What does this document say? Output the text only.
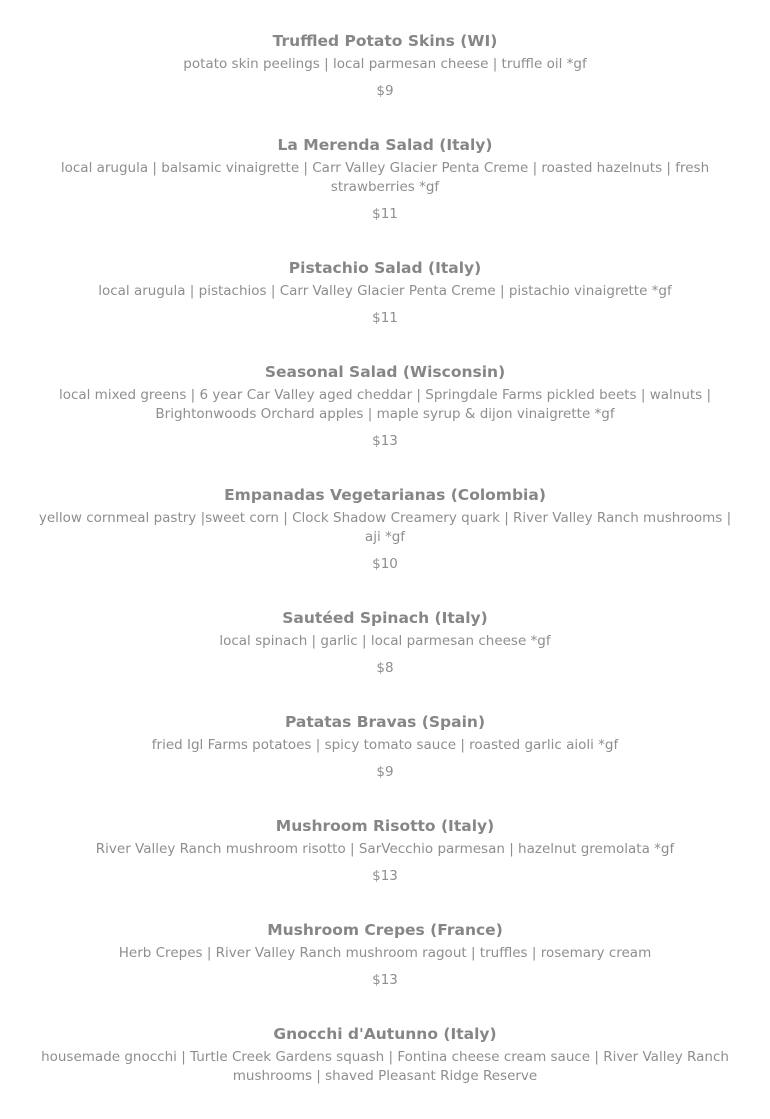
Truffled Potato Skins (WI)
potato skin peelings | local parmesan cheese | truffle oil *gf
$9
La Merenda Salad (Italy)
local arugula | balsamic vinaigrette | Carr Valley Glacier Penta Creme | roasted hazelnuts | fresh strawberries *gf
$11
Pistachio Salad (Italy)
local arugula | pistachios | Carr Valley Glacier Penta Creme | pistachio vinaigrette *gf
$11
Seasonal Salad (Wisconsin)
local mixed greens | 6 year Car Valley aged cheddar | Springdale Farms pickled beets | walnuts | Brightonwoods Orchard apples | maple syrup & dijon vinaigrette *gf
$13
Empanadas Vegetarianas (Colombia)
yellow cornmeal pastry |sweet corn | Clock Shadow Creamery quark | River Valley Ranch mushrooms | aji *gf
$10
Sautéed Spinach (Italy)
local spinach | garlic | local parmesan cheese *gf
$8
Patatas Bravas (Spain)
fried Igl Farms potatoes | spicy tomato sauce | roasted garlic aioli *gf
$9
Mushroom Risotto (Italy)
River Valley Ranch mushroom risotto | SarVecchio parmesan | hazelnut gremolata *gf
$13
Mushroom Crepes (France)
Herb Crepes | River Valley Ranch mushroom ragout | truffles | rosemary cream
$13
Gnocchi d'Autunno (Italy)
housemade gnocchi | Turtle Creek Gardens squash | Fontina cheese cream sauce | River Valley Ranch mushrooms | shaved Pleasant Ridge Reserve
